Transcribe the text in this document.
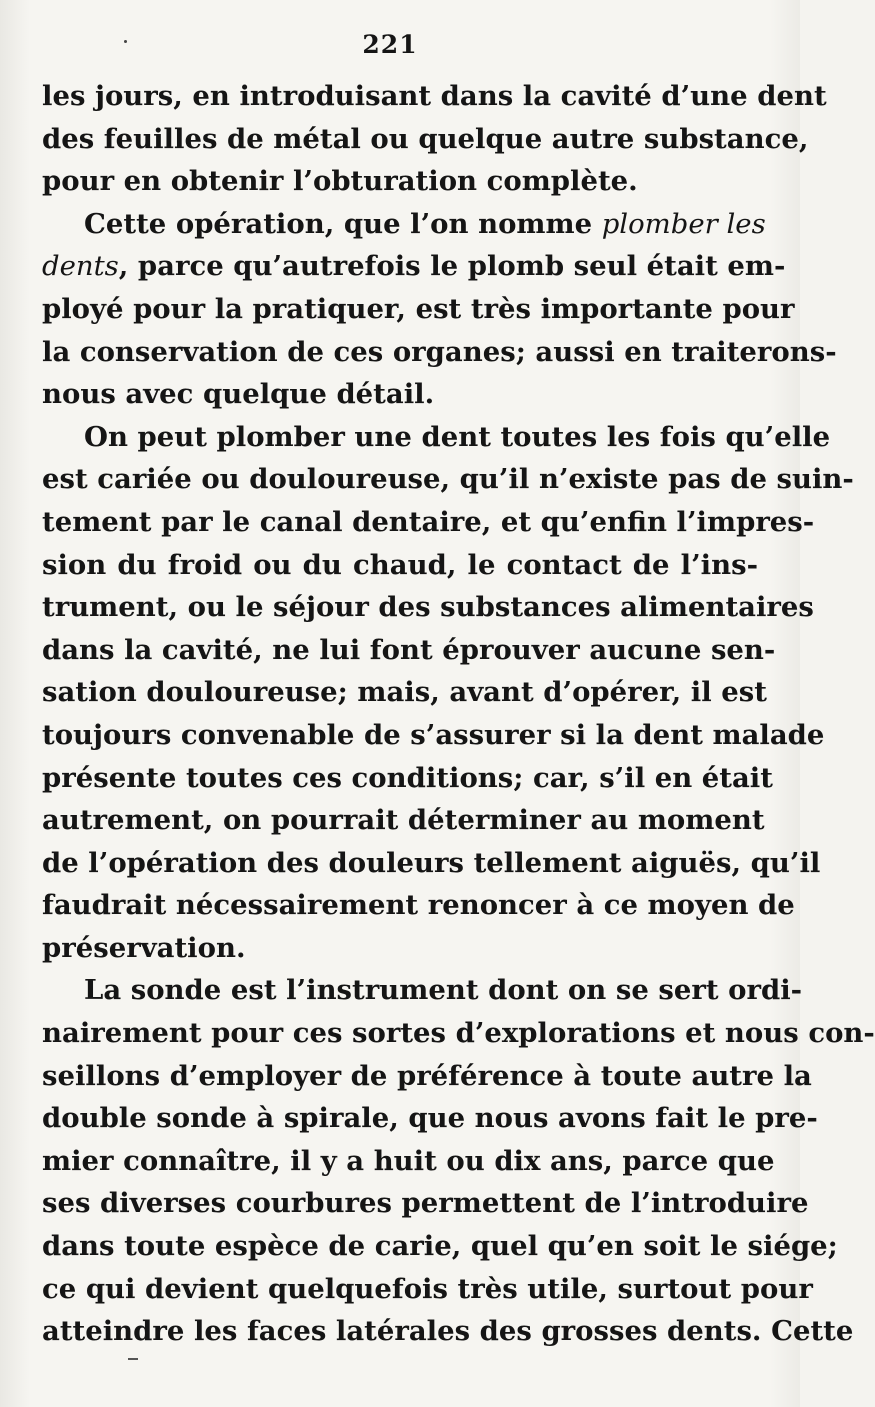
221
les jours, en introduisant dans la cavité d’une dent
des feuilles de métal ou quelque autre substance,
pour en obtenir l’obturation complète.
Cette opération, que l’on nomme plomber les
dents, parce qu’autrefois le plomb seul était em-
ployé pour la pratiquer, est très importante pour
la conservation de ces organes; aussi en traiterons-
nous avec quelque détail.
On peut plomber une dent toutes les fois qu’elle
est cariée ou douloureuse, qu’il n’existe pas de suin-
tement par le canal dentaire, et qu’enfin l’impres-
sion du froid ou du chaud, le contact de l’ins-
trument, ou le séjour des substances alimentaires
dans la cavité, ne lui font éprouver aucune sen-
sation douloureuse; mais, avant d’opérer, il est
toujours convenable de s’assurer si la dent malade
présente toutes ces conditions; car, s’il en était
autrement, on pourrait déterminer au moment
de l’opération des douleurs tellement aiguës, qu’il
faudrait nécessairement renoncer à ce moyen de
préservation.
La sonde est l’instrument dont on se sert ordi-
nairement pour ces sortes d’explorations et nous con-
seillons d’employer de préférence à toute autre la
double sonde à spirale, que nous avons fait le pre-
mier connaître, il y a huit ou dix ans, parce que
ses diverses courbures permettent de l’introduire
dans toute espèce de carie, quel qu’en soit le siége;
ce qui devient quelquefois très utile, surtout pour
atteindre les faces latérales des grosses dents. Cette
